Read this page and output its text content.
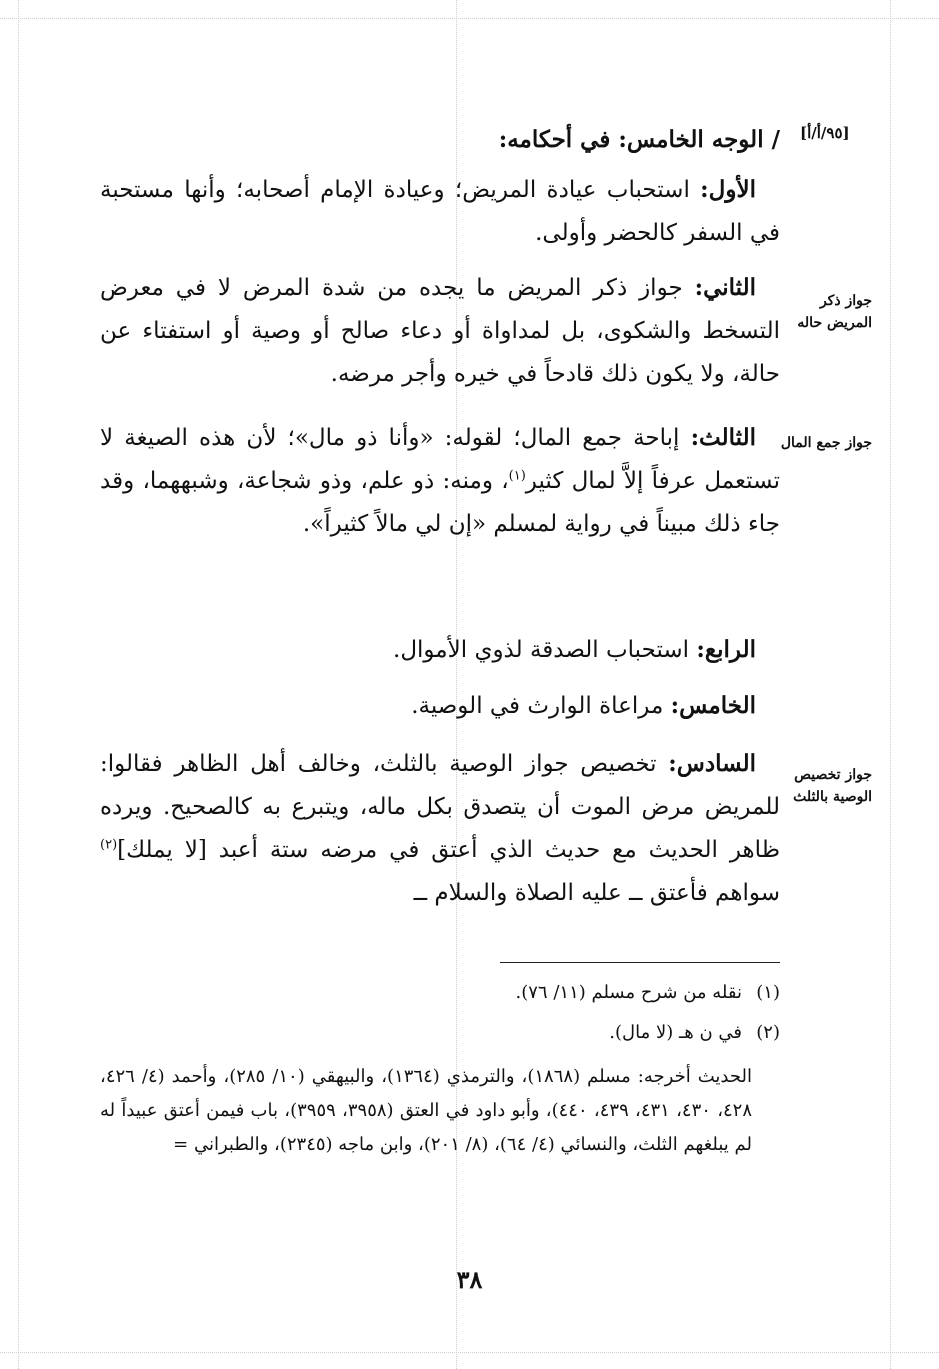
[٩٥/أ/أ]

/ الوجه الخامس: في أحكامه:

الأول: استحباب عيادة المريض؛ وعيادة الإمام أصحابه؛ وأنها مستحبة في السفر كالحضر وأولى.

جواز ذكر المريض حاله

الثاني: جواز ذكر المريض ما يجده من شدة المرض لا في معرض التسخط والشكوى، بل لمداواة أو دعاء صالح أو وصية أو استفتاء عن حالة، ولا يكون ذلك قادحاً في خيره وأجر مرضه.

جواز جمع المال

الثالث: إباحة جمع المال؛ لقوله: «وأنا ذو مال»؛ لأن هذه الصيغة لا تستعمل عرفاً إلاَّ لمال كثير$^{(١)}$، ومنه: ذو علم، وذو شجاعة، وشبههما، وقد جاء ذلك مبيناً في رواية لمسلم «إن لي مالاً كثيراً».

الرابع: استحباب الصدقة لذوي الأموال.

الخامس: مراعاة الوارث في الوصية.

جواز تخصيص الوصية بالثلث

السادس: تخصيص جواز الوصية بالثلث، وخالف أهل الظاهر فقالوا: للمريض مرض الموت أن يتصدق بكل ماله، ويتبرع به كالصحيح. ويرده ظاهر الحديث مع حديث الذي أعتق في مرضه ستة أعبد [لا يملك]$^{(٢)}$ سواهم فأعتق ــ عليه الصلاة والسلام ــ

(١)نقله من شرح مسلم (١١/ ٧٦).

(٢)في ن هـ (لا مال).

الحديث أخرجه: مسلم (١٨٦٨)، والترمذي (١٣٦٤)، والبيهقي (١٠/ ٢٨٥)، وأحمد (٤/ ٤٢٦، ٤٢٨، ٤٣٠، ٤٣١، ٤٣٩، ٤٤٠)، وأبو داود في العتق (٣٩٥٨، ٣٩٥٩)، باب فيمن أعتق عبيداً له لم يبلغهم الثلث، والنسائي (٤/ ٦٤)، (٨/ ٢٠١)، وابن ماجه (٢٣٤٥)، والطبراني =

٣٨
